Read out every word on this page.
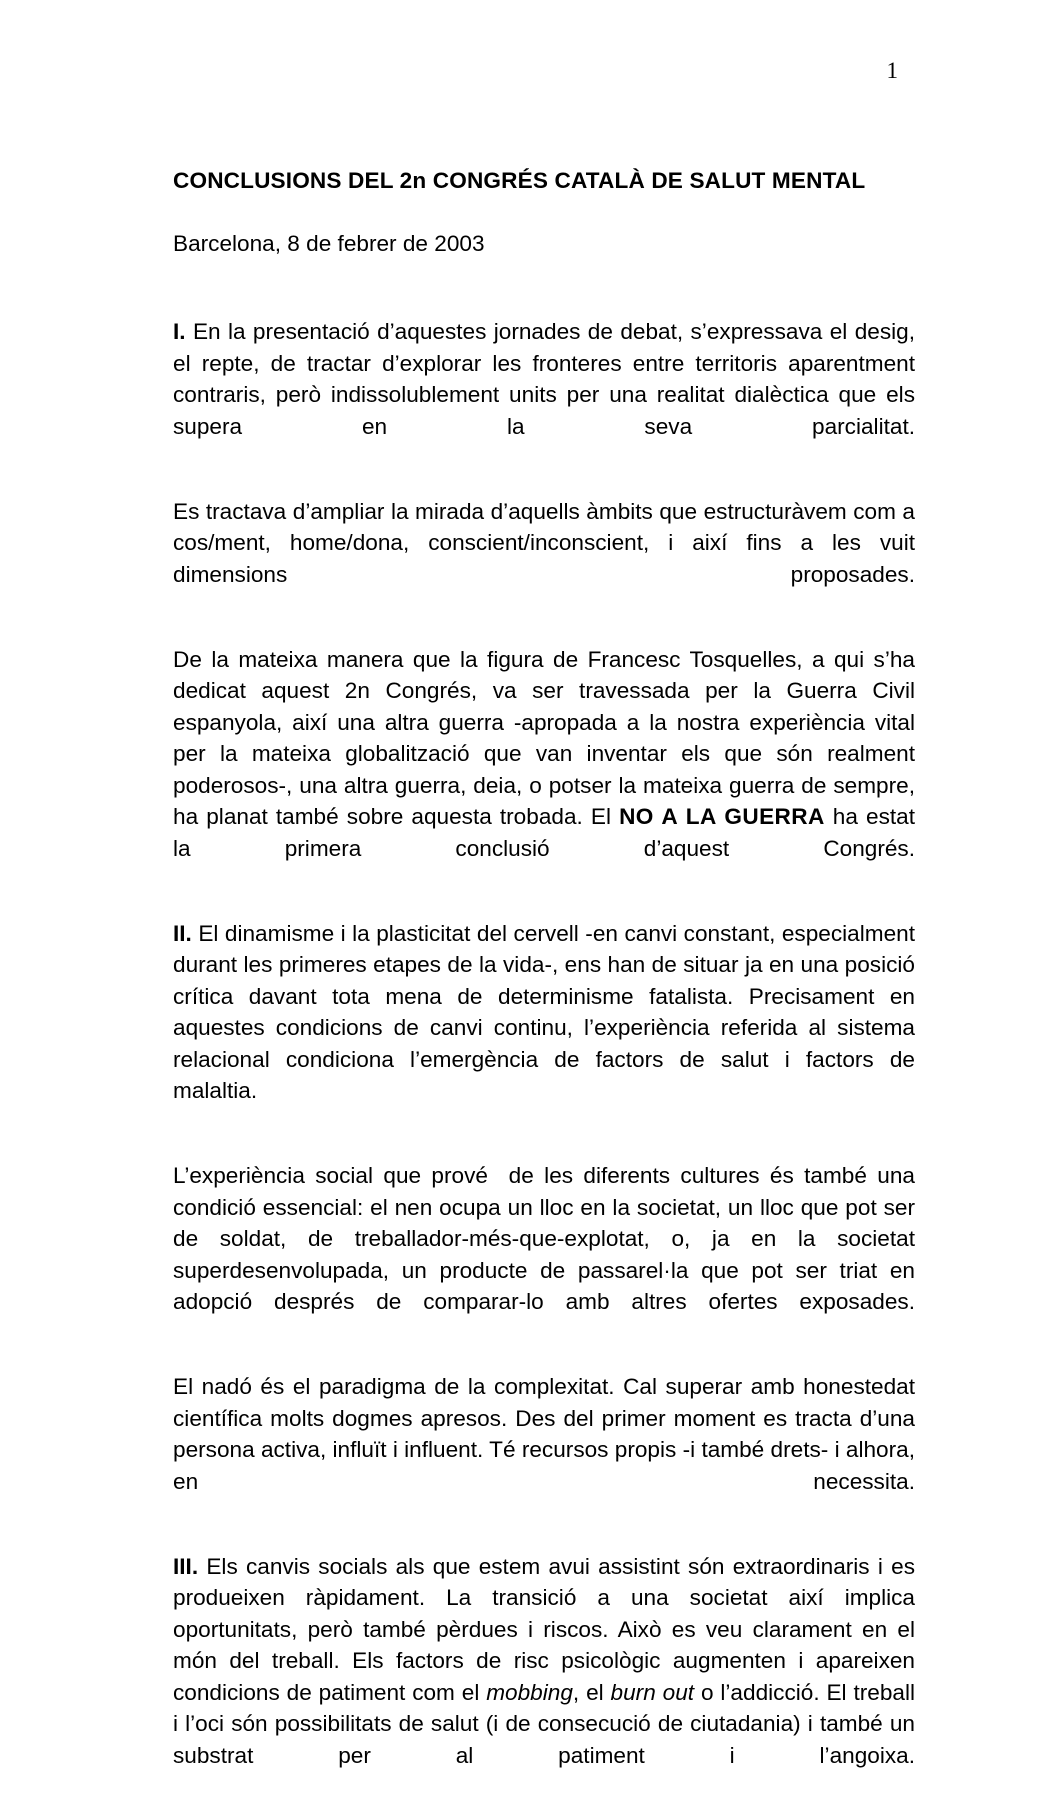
1
CONCLUSIONS DEL 2n CONGRÉS CATALÀ DE SALUT MENTAL

Barcelona, 8 de febrer de 2003

I. En la presentació d’aquestes jornades de debat, s’expressava el desig, el repte, de tractar d’explorar les fronteres entre territoris aparentment contraris, però indissolublement units per una realitat dialèctica que els supera en la seva parcialitat.

Es tractava d’ampliar la mirada d’aquells àmbits que estructuràvem com a cos/ment, home/dona, conscient/inconscient, i així fins a les vuit dimensions proposades.

De la mateixa manera que la figura de Francesc Tosquelles, a qui s’ha dedicat aquest 2n Congrés, va ser travessada per la Guerra Civil espanyola, així una altra guerra -apropada a la nostra experiència vital per la mateixa globalització que van inventar els que són realment poderosos-, una altra guerra, deia, o potser la mateixa guerra de sempre, ha planat també sobre aquesta trobada. El NO A LA GUERRA ha estat la primera conclusió d’aquest Congrés.

II. El dinamisme i la plasticitat del cervell -en canvi constant, especialment durant les primeres etapes de la vida-, ens han de situar ja en una posició crítica davant tota mena de determinisme fatalista. Precisament en aquestes condicions de canvi continu, l’experiència referida al sistema relacional condiciona l’emergència de factors de salut i factors de malaltia.

L’experiència social que prové  de les diferents cultures és també una condició essencial: el nen ocupa un lloc en la societat, un lloc que pot ser de soldat, de treballador-més-que-explotat, o, ja en la societat superdesenvolupada, un producte de passarel·la que pot ser triat en adopció després de comparar-lo amb altres ofertes exposades.

El nadó és el paradigma de la complexitat. Cal superar amb honestedat científica molts dogmes apresos. Des del primer moment es tracta d’una persona activa, influït i influent. Té recursos propis -i també drets- i alhora, en necessita.

III. Els canvis socials als que estem avui assistint són extraordinaris i es produeixen ràpidament. La transició a una societat així implica oportunitats, però també pèrdues i riscos. Això es veu clarament en el món del treball. Els factors de risc psicològic augmenten i apareixen condicions de patiment com el mobbing, el burn out o l’addicció. El treball i l’oci són possibilitats de salut (i de consecució de ciutadania) i també un substrat per al patiment i l’angoixa.
